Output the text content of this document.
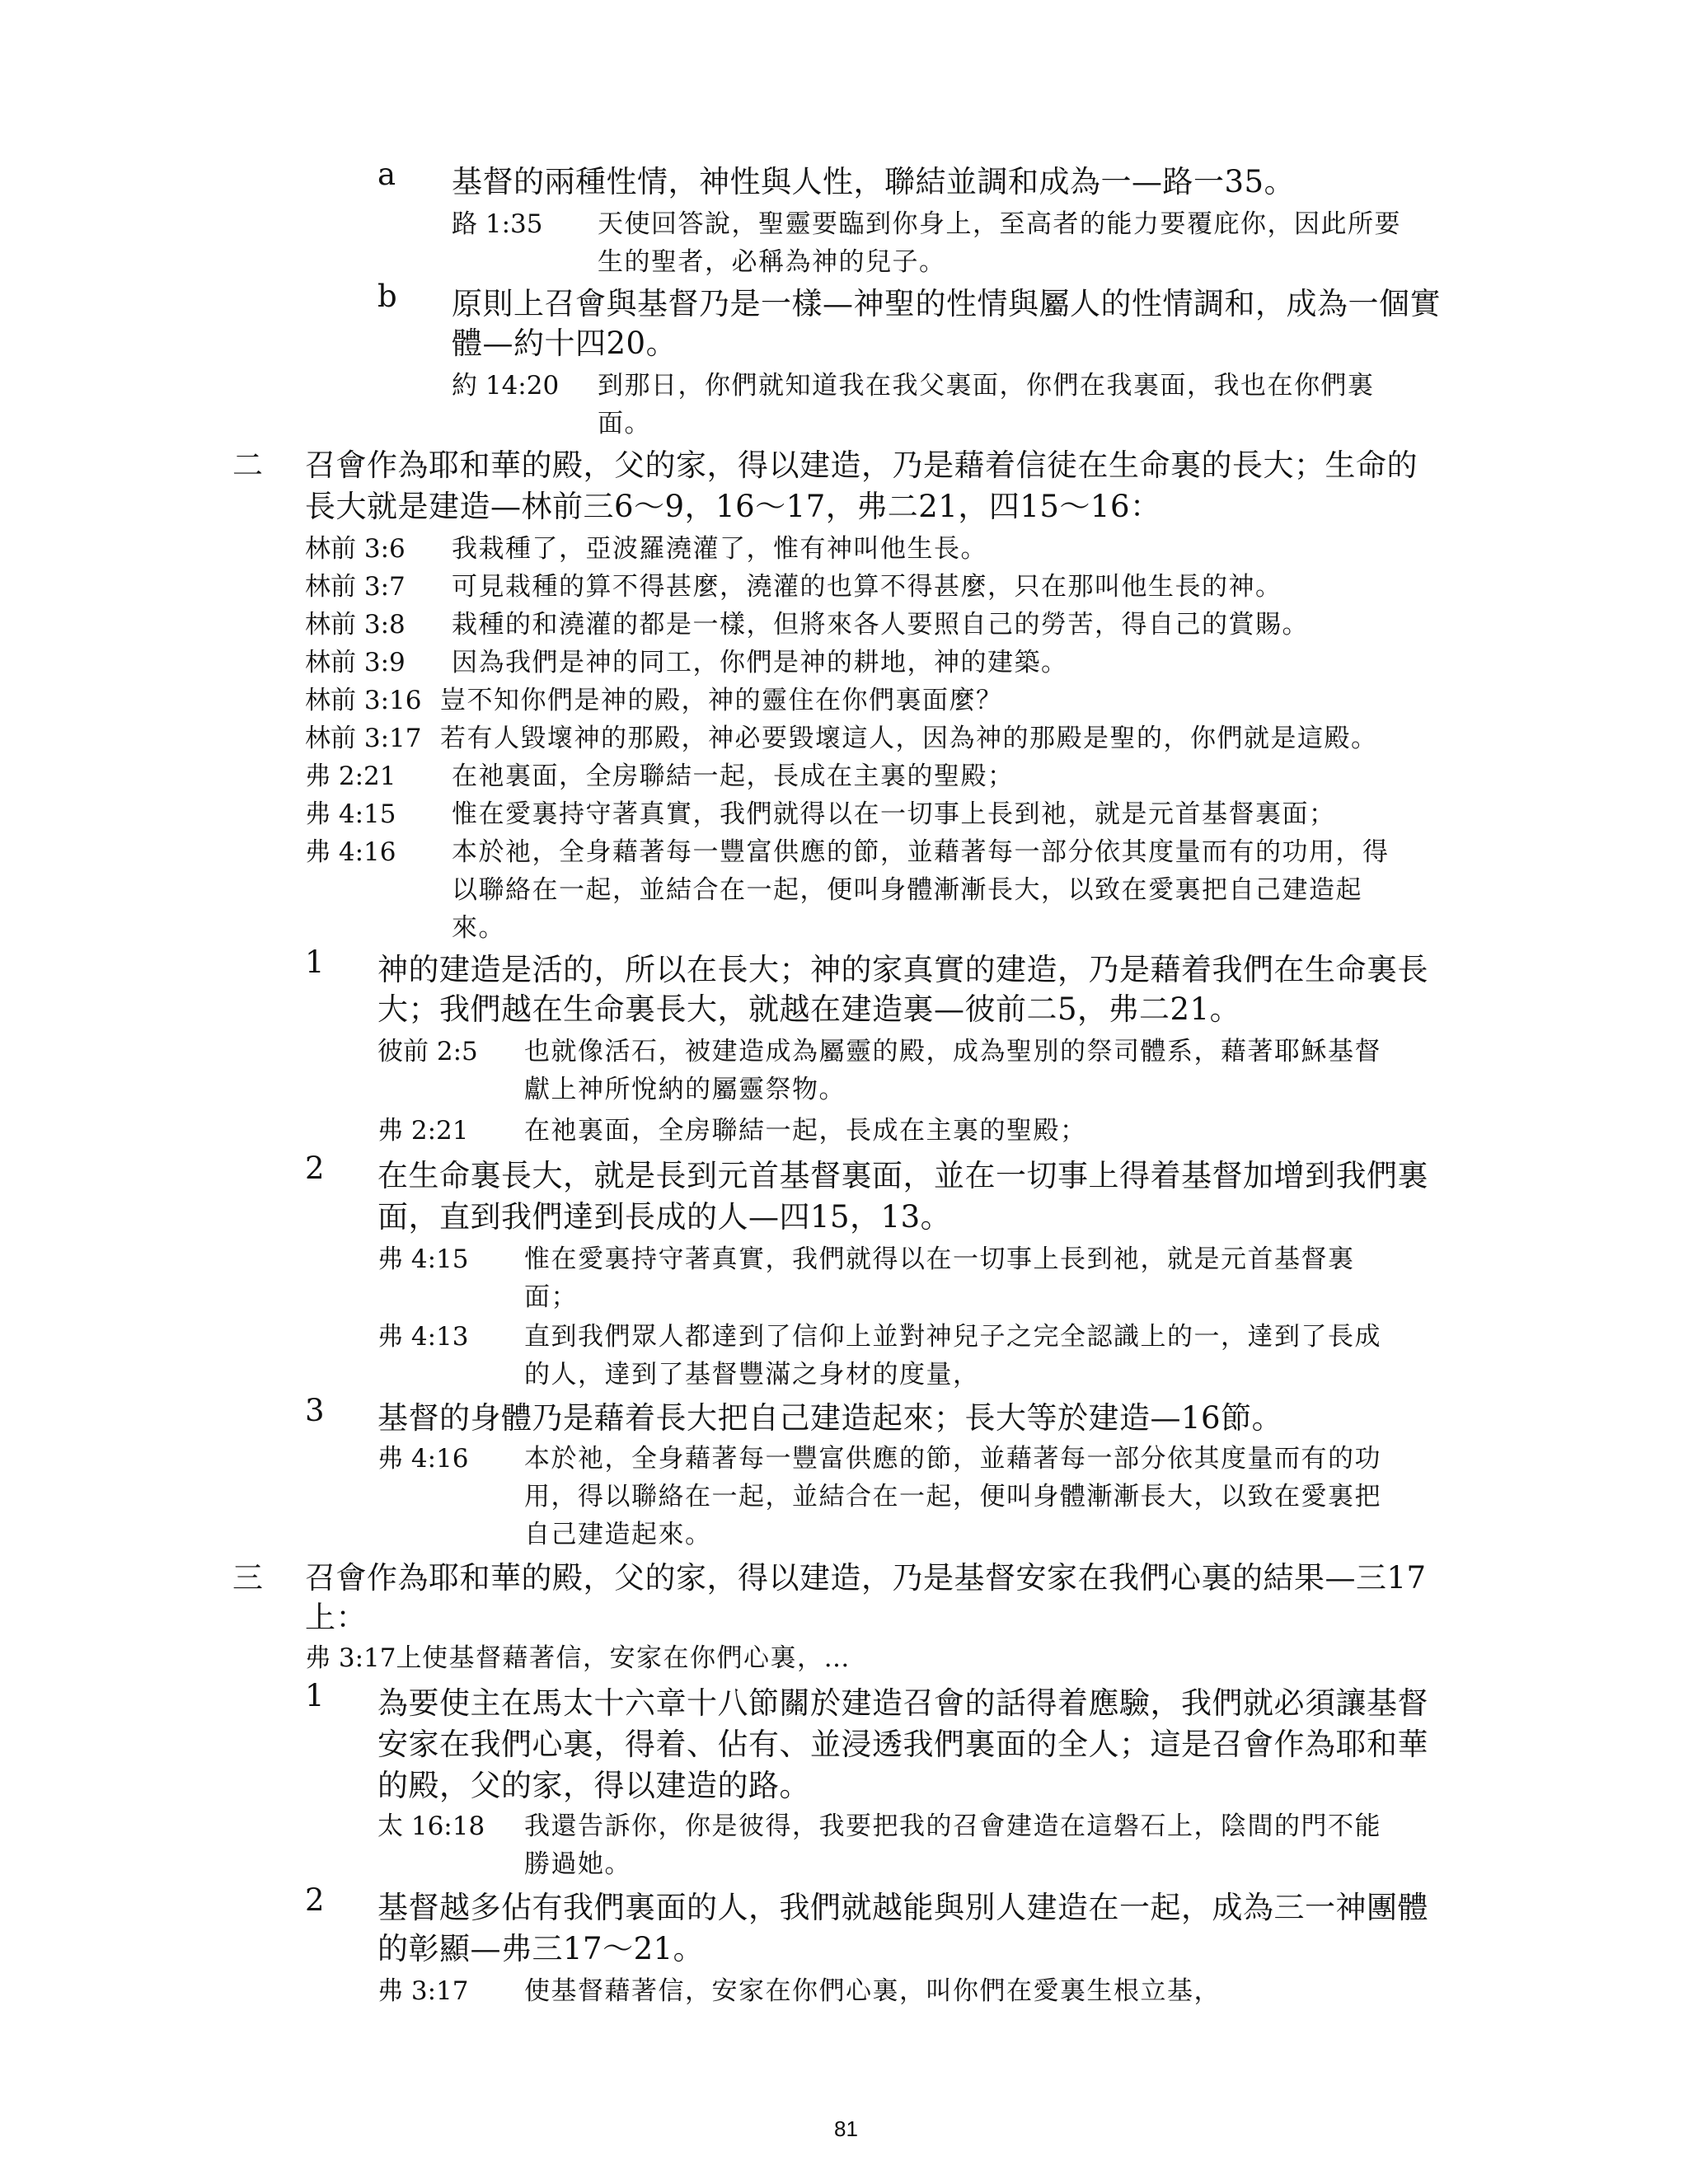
a 基督的兩種性情，神性與人性，聯結並調和成為一—路一35。
路 1:35 天使回答說，聖靈要臨到你身上，至高者的能力要覆庇你，因此所要
生的聖者，必稱為神的兒子。
b 原則上召會與基督乃是一樣—神聖的性情與屬人的性情調和，成為一個實
體—約十四20。
約 14:20 到那日，你們就知道我在我父裏面，你們在我裏面，我也在你們裏
面。
二 召會作為耶和華的殿，父的家，得以建造，乃是藉着信徒在生命裏的長大；生命的
長大就是建造—林前三6～9，16～17，弗二21，四15～16：
林前 3:6 我栽種了，亞波羅澆灌了，惟有神叫他生長。
林前 3:7 可見栽種的算不得甚麼，澆灌的也算不得甚麼，只在那叫他生長的神。
林前 3:8 栽種的和澆灌的都是一樣，但將來各人要照自己的勞苦，得自己的賞賜。
林前 3:9 因為我們是神的同工，你們是神的耕地，神的建築。
林前 3:16 豈不知你們是神的殿，神的靈住在你們裏面麼？
林前 3:17 若有人毀壞神的那殿，神必要毀壞這人，因為神的那殿是聖的，你們就是這殿。
弗 2:21 在祂裏面，全房聯結一起，長成在主裏的聖殿；
弗 4:15 惟在愛裏持守著真實，我們就得以在一切事上長到祂，就是元首基督裏面；
弗 4:16 本於祂，全身藉著每一豐富供應的節，並藉著每一部分依其度量而有的功用，得
以聯絡在一起，並結合在一起，便叫身體漸漸長大，以致在愛裏把自己建造起
來。
1 神的建造是活的，所以在長大；神的家真實的建造，乃是藉着我們在生命裏長
大；我們越在生命裏長大，就越在建造裏—彼前二5，弗二21。
彼前 2:5 也就像活石，被建造成為屬靈的殿，成為聖別的祭司體系，藉著耶穌基督
獻上神所悅納的屬靈祭物。
弗 2:21 在祂裏面，全房聯結一起，長成在主裏的聖殿；
2 在生命裏長大，就是長到元首基督裏面，並在一切事上得着基督加增到我們裏
面，直到我們達到長成的人—四15，13。
弗 4:15 惟在愛裏持守著真實，我們就得以在一切事上長到祂，就是元首基督裏
面；
弗 4:13 直到我們眾人都達到了信仰上並對神兒子之完全認識上的一，達到了長成
的人，達到了基督豐滿之身材的度量，
3 基督的身體乃是藉着長大把自己建造起來；長大等於建造—16節。
弗 4:16 本於祂，全身藉著每一豐富供應的節，並藉著每一部分依其度量而有的功
用，得以聯絡在一起，並結合在一起，便叫身體漸漸長大，以致在愛裏把
自己建造起來。
三 召會作為耶和華的殿，父的家，得以建造，乃是基督安家在我們心裏的結果—三17
上：
弗 3:17上 使基督藉著信，安家在你們心裏，…
1 為要使主在馬太十六章十八節關於建造召會的話得着應驗，我們就必須讓基督
安家在我們心裏，得着、佔有、並浸透我們裏面的全人；這是召會作為耶和華
的殿，父的家，得以建造的路。
太 16:18 我還告訴你，你是彼得，我要把我的召會建造在這磐石上，陰間的門不能
勝過她。
2 基督越多佔有我們裏面的人，我們就越能與別人建造在一起，成為三一神團體
的彰顯—弗三17～21。
弗 3:17 使基督藉著信，安家在你們心裏，叫你們在愛裏生根立基，
81
